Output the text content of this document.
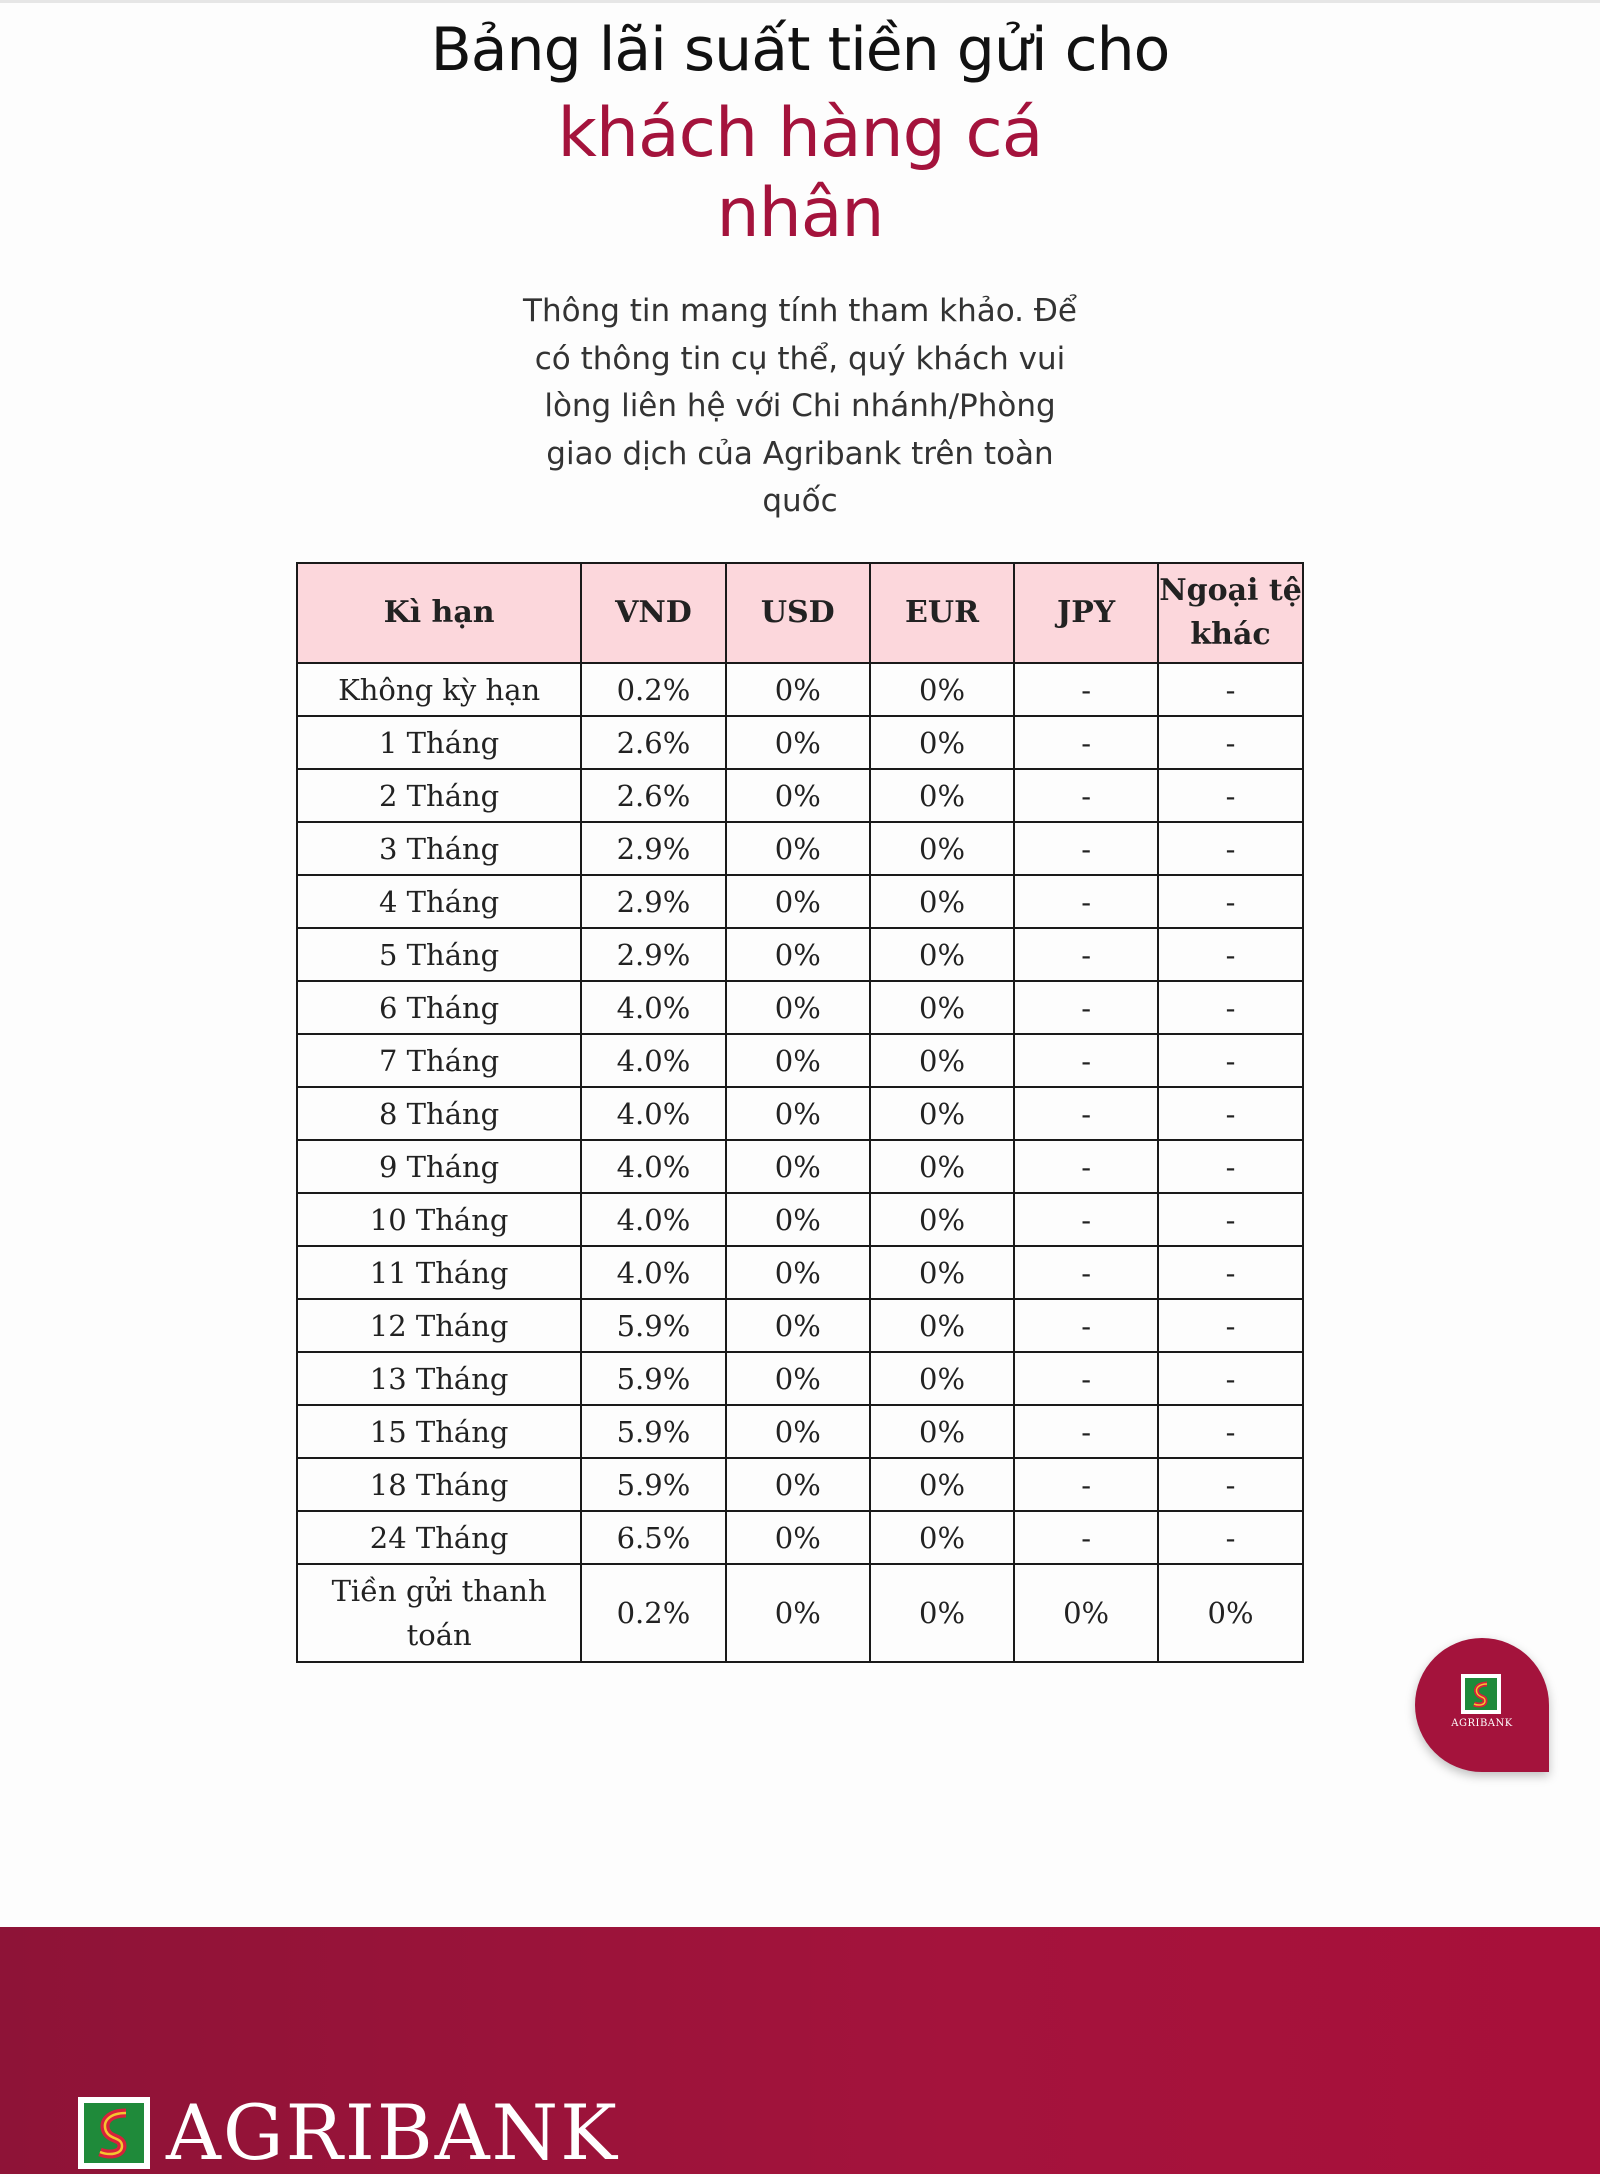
Bảng lãi suất tiền gửi cho
khách hàng cá
nhân
Thông tin mang tính tham khảo. Để
có thông tin cụ thể, quý khách vui
lòng liên hệ với Chi nhánh/Phòng
giao dịch của Agribank trên toàn
quốc
Kì hạn	VND	USD	EUR	JPY	Ngoại tệ
khác

Không kỳ hạn	0.2%	0%	0%	-	-
1 Tháng	2.6%	0%	0%	-	-
2 Tháng	2.6%	0%	0%	-	-
3 Tháng	2.9%	0%	0%	-	-
4 Tháng	2.9%	0%	0%	-	-
5 Tháng	2.9%	0%	0%	-	-
6 Tháng	4.0%	0%	0%	-	-
7 Tháng	4.0%	0%	0%	-	-
8 Tháng	4.0%	0%	0%	-	-
9 Tháng	4.0%	0%	0%	-	-
10 Tháng	4.0%	0%	0%	-	-
11 Tháng	4.0%	0%	0%	-	-
12 Tháng	5.9%	0%	0%	-	-
13 Tháng	5.9%	0%	0%	-	-
15 Tháng	5.9%	0%	0%	-	-
18 Tháng	5.9%	0%	0%	-	-
24 Tháng	6.5%	0%	0%	-	-

Tiền gửi thanh
toán	0.2%	0%	0%	0%	0%
AGRIBANK
AGRIBANK
